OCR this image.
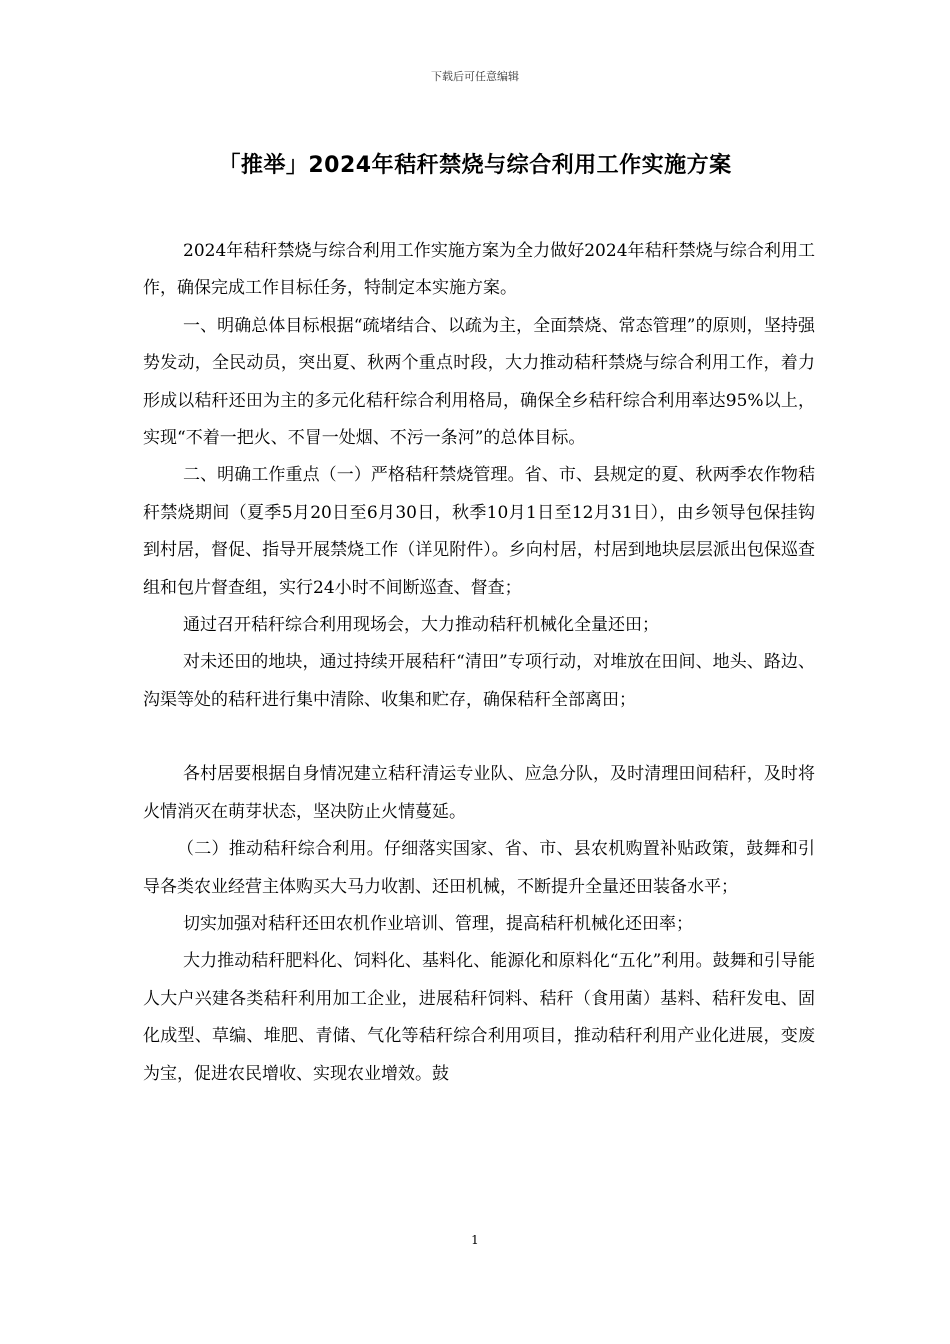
下载后可任意编辑
「推举」2024年秸秆禁烧与综合利用工作实施方案

2024年秸秆禁烧与综合利用工作实施方案为全力做好2024年秸秆禁烧与综合利用工作，确保完成工作目标任务，特制定本实施方案。

一、明确总体目标根据“疏堵结合、以疏为主，全面禁烧、常态管理”的原则，坚持强势发动，全民动员，突出夏、秋两个重点时段，大力推动秸秆禁烧与综合利用工作，着力形成以秸秆还田为主的多元化秸秆综合利用格局，确保全乡秸秆综合利用率达95%以上，实现“不着一把火、不冒一处烟、不污一条河”的总体目标。

二、明确工作重点（一）严格秸秆禁烧管理。省、市、县规定的夏、秋两季农作物秸秆禁烧期间（夏季5月20日至6月30日，秋季10月1日至12月31日），由乡领导包保挂钩到村居，督促、指导开展禁烧工作（详见附件）。乡向村居，村居到地块层层派出包保巡查组和包片督查组，实行24小时不间断巡查、督查；

通过召开秸秆综合利用现场会，大力推动秸秆机械化全量还田；

对未还田的地块，通过持续开展秸秆“清田”专项行动，对堆放在田间、地头、路边、沟渠等处的秸秆进行集中清除、收集和贮存，确保秸秆全部离田；

各村居要根据自身情况建立秸秆清运专业队、应急分队，及时清理田间秸秆，及时将火情消灭在萌芽状态，坚决防止火情蔓延。

（二）推动秸秆综合利用。仔细落实国家、省、市、县农机购置补贴政策，鼓舞和引导各类农业经营主体购买大马力收割、还田机械，不断提升全量还田装备水平；

切实加强对秸秆还田农机作业培训、管理，提高秸秆机械化还田率；

大力推动秸秆肥料化、饲料化、基料化、能源化和原料化“五化”利用。鼓舞和引导能人大户兴建各类秸秆利用加工企业，进展秸秆饲料、秸秆（食用菌）基料、秸秆发电、固化成型、草编、堆肥、青储、气化等秸秆综合利用项目，推动秸秆利用产业化进展，变废为宝，促进农民增收、实现农业增效。鼓

1
